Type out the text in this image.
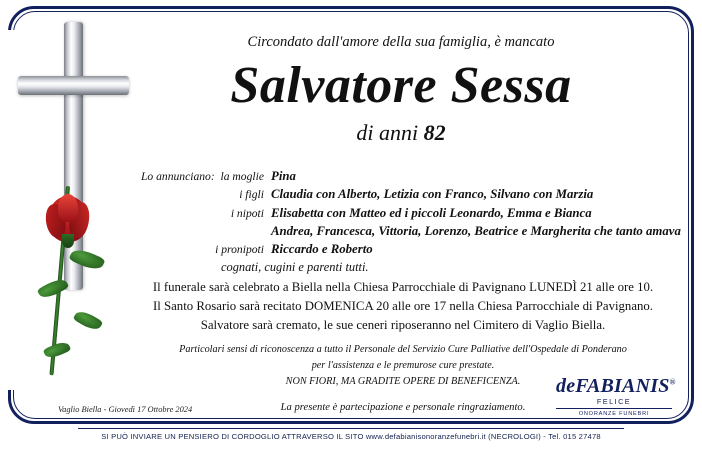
Circondato dall'amore della sua famiglia, è mancato

Salvatore Sessa

di anni 82

Lo annunciano: la moglie Pina
i figli Claudia con Alberto, Letizia con Franco, Silvano con Marzia
i nipoti Elisabetta con Matteo ed i piccoli Leonardo, Emma e Bianca
Andrea, Francesca, Vittoria, Lorenzo, Beatrice e Margherita che tanto amava
i pronipoti Riccardo e Roberto
cognati, cugini e parenti tutti.
Il funerale sarà celebrato a Biella nella Chiesa Parrocchiale di Pavignano LUNEDÌ 21 alle ore 10.
Il Santo Rosario sarà recitato DOMENICA 20 alle ore 17 nella Chiesa Parrocchiale di Pavignano.
Salvatore sarà cremato, le sue ceneri riposeranno nel Cimitero di Vaglio Biella.
Particolari sensi di riconoscenza a tutto il Personale del Servizio Cure Palliative dell'Ospedale di Ponderano
per l'assistenza e le premurose cure prestate.
NON FIORI, MA GRADITE OPERE DI BENEFICENZA.
La presente è partecipazione e personale ringraziamento.
Vaglio Biella - Giovedì 17 Ottobre 2024
deFABIANIS®
FELICE
ONORANZE FUNEBRI
SI PUÒ INVIARE UN PENSIERO DI CORDOGLIO ATTRAVERSO IL SITO www.defabianisonoranzefunebri.it (NECROLOGI) - Tel. 015 27478
